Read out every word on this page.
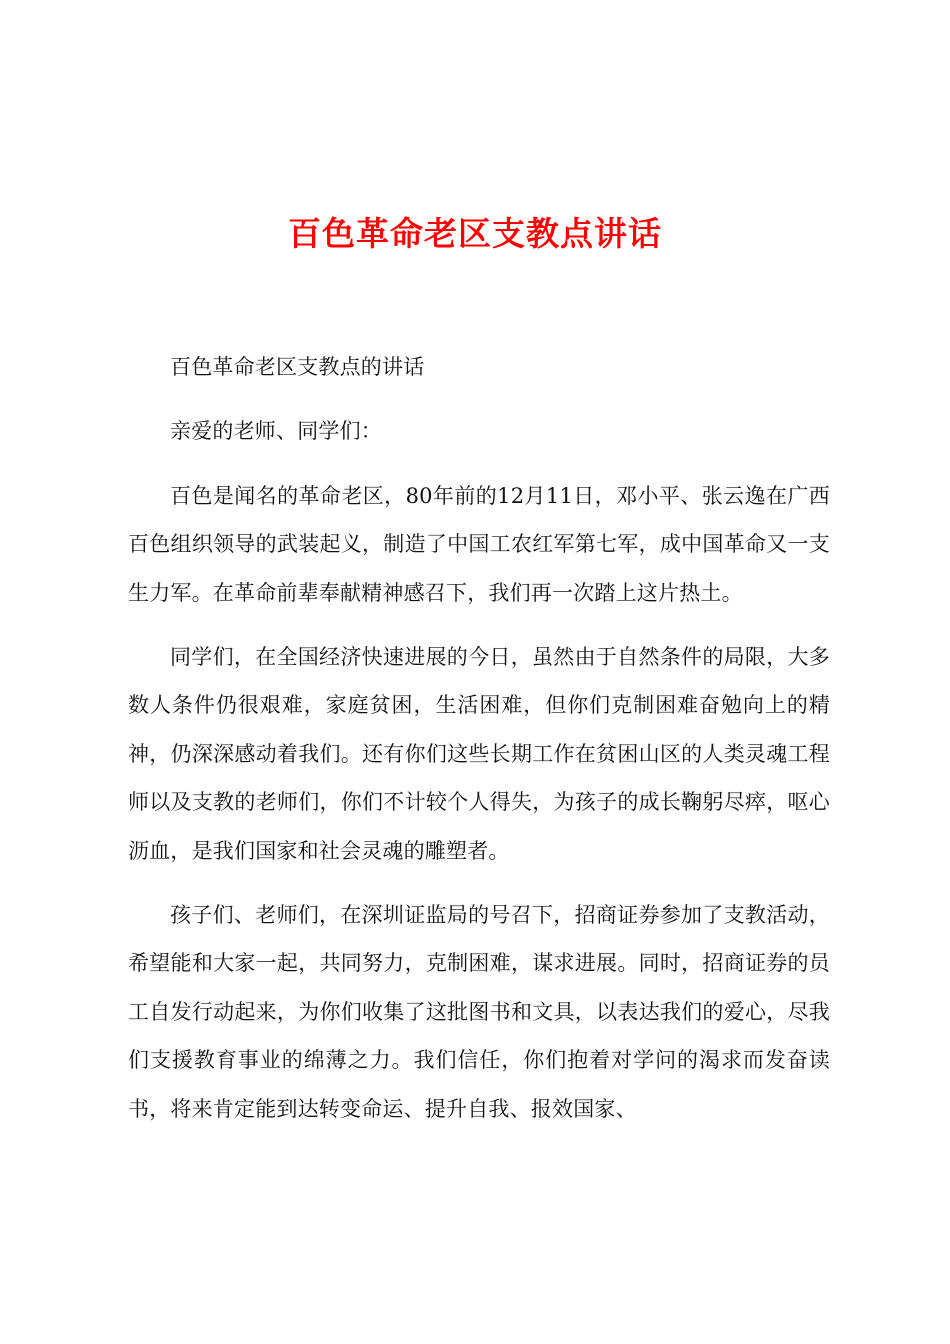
百色革命老区支教点讲话

百色革命老区支教点的讲话

亲爱的老师、同学们：

百色是闻名的革命老区，80年前的12月11日，邓小平、张云逸在广西百色组织领导的武装起义，制造了中国工农红军第七军，成中国革命又一支生力军。在革命前辈奉献精神感召下，我们再一次踏上这片热土。

同学们，在全国经济快速进展的今日，虽然由于自然条件的局限，大多数人条件仍很艰难，家庭贫困，生活困难，但你们克制困难奋勉向上的精神，仍深深感动着我们。还有你们这些长期工作在贫困山区的人类灵魂工程师以及支教的老师们，你们不计较个人得失，为孩子的成长鞠躬尽瘁，呕心沥血，是我们国家和社会灵魂的雕塑者。

孩子们、老师们，在深圳证监局的号召下，招商证券参加了支教活动，希望能和大家一起，共同努力，克制困难，谋求进展。同时，招商证券的员工自发行动起来，为你们收集了这批图书和文具，以表达我们的爱心，尽我们支援教育事业的绵薄之力。我们信任，你们抱着对学问的渴求而发奋读书，将来肯定能到达转变命运、提升自我、报效国家、
